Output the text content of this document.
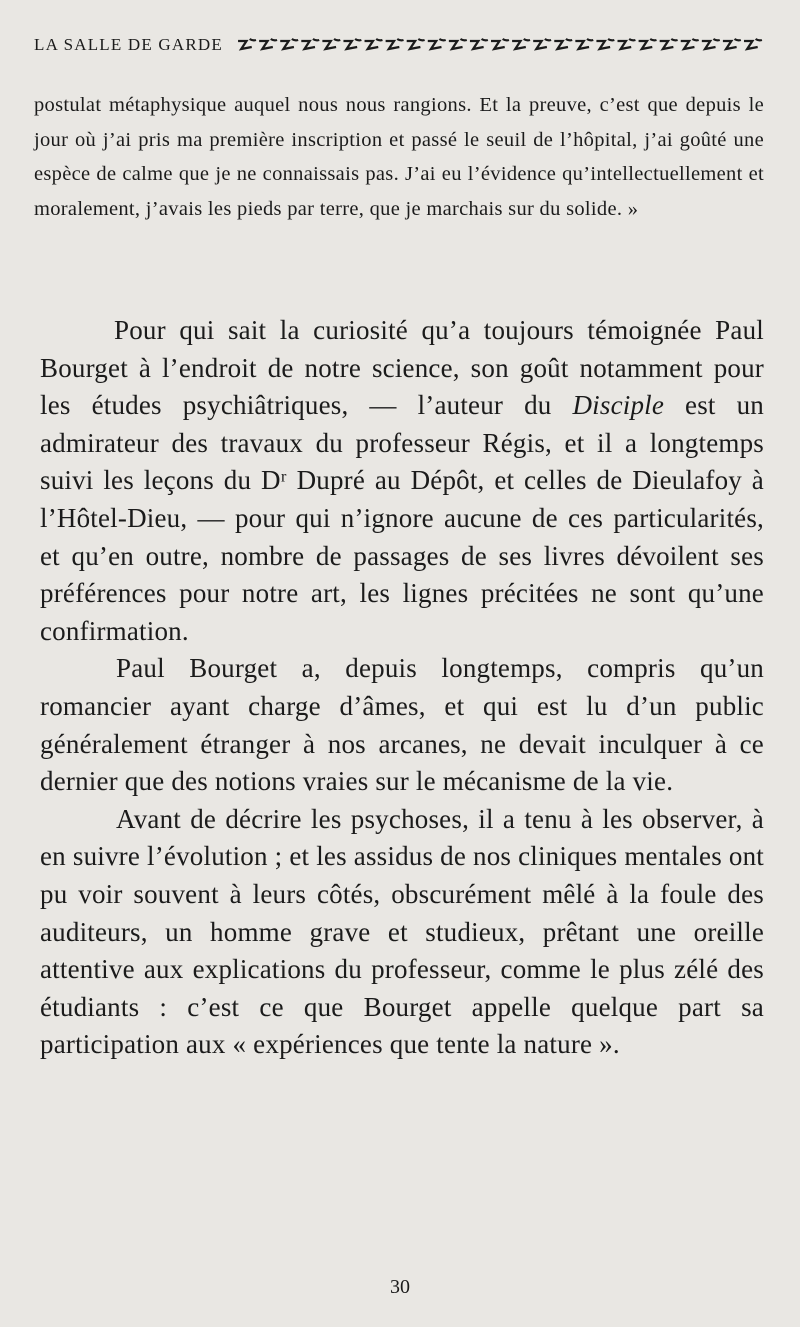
LA SALLE DE GARDE

postulat métaphysique auquel nous nous rangions. Et la preuve, c’est que depuis le jour où j’ai pris ma première inscription et passé le seuil de l’hôpital, j’ai goûté une espèce de calme que je ne connaissais pas. J’ai eu l’évidence qu’intellectuellement et moralement, j’avais les pieds par terre, que je marchais sur du solide. »

Pour qui sait la curiosité qu’a toujours témoignée Paul Bourget à l’endroit de notre science, son goût notamment pour les études psychiâtriques, — l’auteur du Disciple est un admirateur des travaux du professeur Régis, et il a longtemps suivi les leçons du Dʳ Dupré au Dépôt, et celles de Dieulafoy à l’Hôtel-Dieu, — pour qui n’ignore aucune de ces particularités, et qu’en outre, nombre de passages de ses livres dévoilent ses préférences pour notre art, les lignes précitées ne sont qu’une confirmation.

Paul Bourget a, depuis longtemps, compris qu’un romancier ayant charge d’âmes, et qui est lu d’un public généralement étranger à nos arcanes, ne devait inculquer à ce dernier que des notions vraies sur le mécanisme de la vie.

Avant de décrire les psychoses, il a tenu à les observer, à en suivre l’évolution ; et les assidus de nos cliniques mentales ont pu voir souvent à leurs côtés, obscurément mêlé à la foule des auditeurs, un homme grave et studieux, prêtant une oreille attentive aux explications du professeur, comme le plus zélé des étudiants : c’est ce que Bourget appelle quelque part sa participation aux « expériences que tente la nature ».

30
